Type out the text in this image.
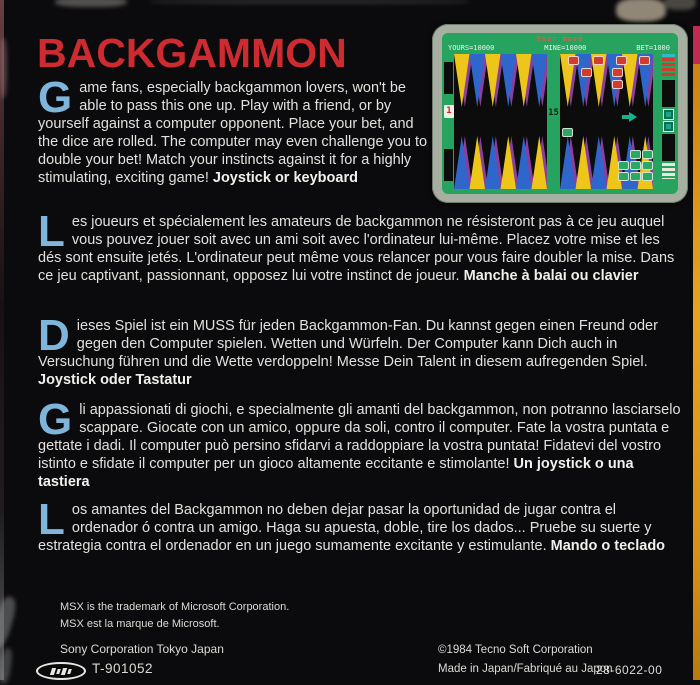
BACKGAMMON	Your move
YOURS=10000	MINE=10000	BET=1000
15
1
Game fans, especially backgammon lovers, won't be able to pass this one up. Play with a friend, or by yourself against a computer opponent. Place your bet, and the dice are rolled. The computer may even challenge you to double your bet! Match your instincts against it for a highly stimulating, exciting game! Joystick or keyboard
Les joueurs et spécialement les amateurs de backgammon ne résisteront pas à ce jeu auquel vous pouvez jouer soit avec un ami soit avec l'ordinateur lui-même. Placez votre mise et les dés sont ensuite jetés. L'ordinateur peut même vous relancer pour vous faire doubler la mise. Dans ce jeu captivant, passionnant, opposez lui votre instinct de joueur. Manche à balai ou clavier
Dieses Spiel ist ein MUSS für jeden Backgammon-Fan. Du kannst gegen einen Freund oder gegen den Computer spielen. Wetten und Würfeln. Der Computer kann Dich auch in Versuchung führen und die Wette verdoppeln! Messe Dein Talent in diesem aufregenden Spiel. Joystick oder Tastatur
Gli appassionati di giochi, e specialmente gli amanti del backgammon, non potranno lasciarselo scappare. Giocate con un amico, oppure da soli, contro il computer. Fate la vostra puntata e gettate i dadi. Il computer può persino sfidarvi a raddoppiare la vostra puntata! Fidatevi del vostro istinto e sfidate il computer per un gioco altamente eccitante e stimolante! Un joystick o una tastiera
Los amantes del Backgammon no deben dejar pasar la oportunidad de jugar contra el ordenador ó contra un amigo. Haga su apuesta, doble, tire los dados... Pruebe su suerte y estrategia contra el ordenador en un juego sumamente excitante y estimulante. Mando o teclado
MSX is the trademark of Microsoft Corporation.
MSX est la marque de Microsoft.
Sony Corporation Tokyo Japan
T-901052
©1984 Tecno Soft Corporation
Made in Japan/Fabriqué au Japon
28-6022-00
